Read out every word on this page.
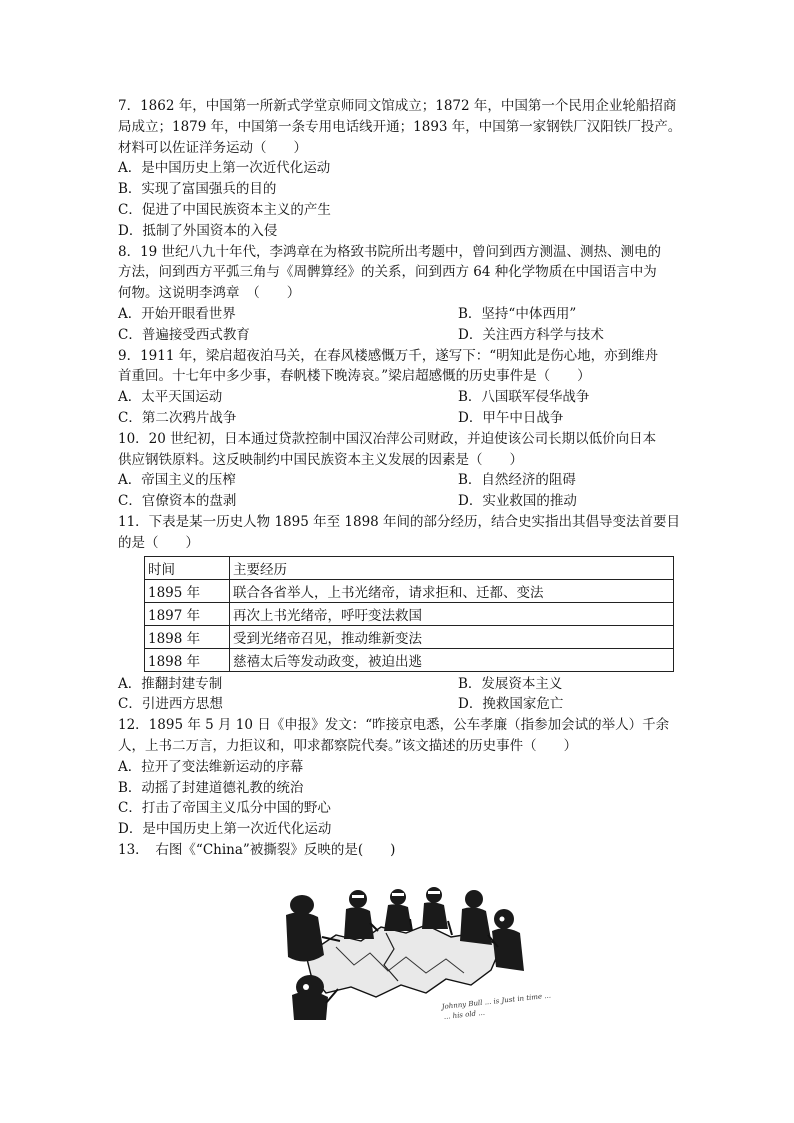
7．1862 年，中国第一所新式学堂京师同文馆成立；1872 年，中国第一个民用企业轮船招商
局成立；1879 年，中国第一条专用电话线开通；1893 年，中国第一家钢铁厂汉阳铁厂投产。
材料可以佐证洋务运动（　　）
A．是中国历史上第一次近代化运动
B．实现了富国强兵的目的
C．促进了中国民族资本主义的产生
D．抵制了外国资本的入侵
8．19 世纪八九十年代，李鸿章在为格致书院所出考题中，曾问到西方测温、测热、测电的
方法，问到西方平弧三角与《周髀算经》的关系，问到西方 64 种化学物质在中国语言中为
何物。这说明李鸿章　（　　）
A．开始开眼看世界	B．坚持“中体西用”
C．普遍接受西式教育	D．关注西方科学与技术
9．1911 年，梁启超夜泊马关，在春风楼感慨万千，遂写下：“明知此是伤心地，亦到维舟
首重回。十七年中多少事，春帆楼下晚涛哀。”梁启超感慨的历史事件是（　　）
A．太平天国运动	B．八国联军侵华战争
C．第二次鸦片战争	D．甲午中日战争
10．20 世纪初，日本通过贷款控制中国汉冶萍公司财政，并迫使该公司长期以低价向日本
供应钢铁原料。这反映制约中国民族资本主义发展的因素是（　　）
A．帝国主义的压榨	B．自然经济的阻碍
C．官僚资本的盘剥	D．实业救国的推动
11．下表是某一历史人物 1895 年至 1898 年间的部分经历，结合史实指出其倡导变法首要目
的是（　　）
时间	主要经历
1895 年	联合各省举人，上书光绪帝，请求拒和、迁都、变法
1897 年	再次上书光绪帝，呼吁变法救国
1898 年	受到光绪帝召见，推动维新变法
1898 年	慈禧太后等发动政变，被迫出逃
A．推翻封建专制	B．发展资本主义
C．引进西方思想	D．挽救国家危亡
12．1895 年 5 月 10 日《申报》发文：“昨接京电悉，公车孝廉（指参加会试的举人）千余
人，上书二万言，力拒议和，叩求都察院代奏。”该文描述的历史事件（　　）
A．拉开了变法维新运动的序幕
B．动摇了封建道德礼教的统治
C．打击了帝国主义瓜分中国的野心
D．是中国历史上第一次近代化运动
13．　右图《“China”被撕裂》反映的是(　　)
Johnny Bull ... is Just in time ...
... his old ...
